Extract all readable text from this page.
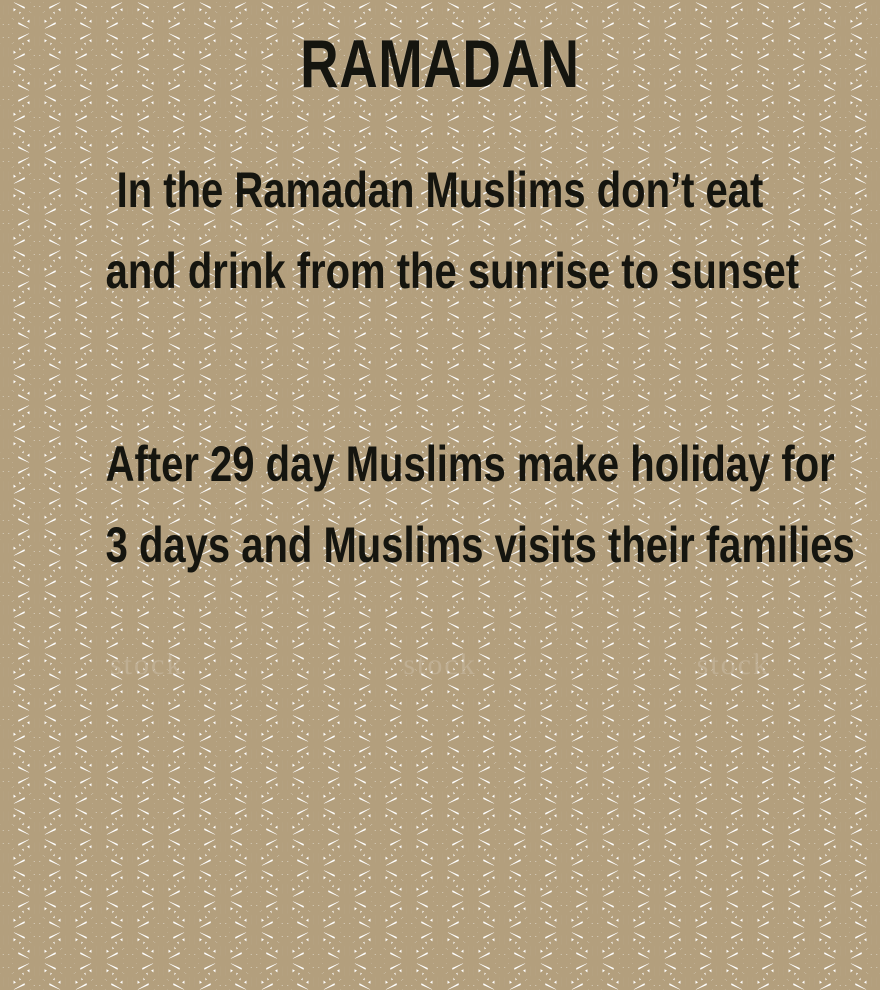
RAMADAN
In the Ramadan Muslims don’t eat
and drink from the sunrise to sunset
After 29 day Muslims make holiday for
3 days and Muslims visits their families
